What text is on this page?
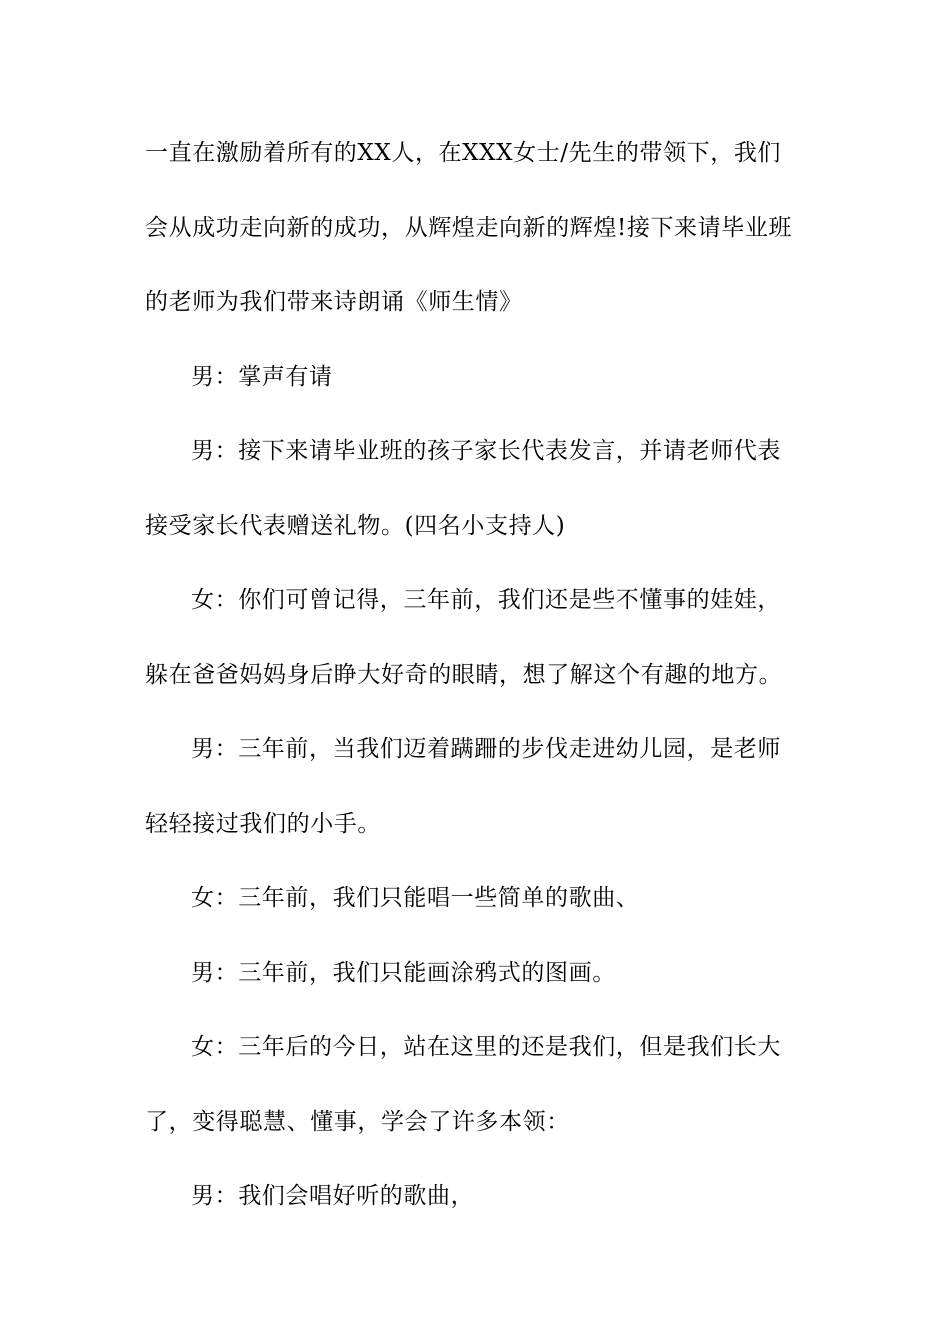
一直在激励着所有的XX人，在XXX女士/先生的带领下，我们
会从成功走向新的成功，从辉煌走向新的辉煌!接下来请毕业班
的老师为我们带来诗朗诵《师生情》
男：掌声有请
男：接下来请毕业班的孩子家长代表发言，并请老师代表
接受家长代表赠送礼物。(四名小支持人)
女：你们可曾记得，三年前，我们还是些不懂事的娃娃，
躲在爸爸妈妈身后睁大好奇的眼睛，想了解这个有趣的地方。
男：三年前，当我们迈着蹒跚的步伐走进幼儿园，是老师
轻轻接过我们的小手。
女：三年前，我们只能唱一些简单的歌曲、
男：三年前，我们只能画涂鸦式的图画。
女：三年后的今日，站在这里的还是我们，但是我们长大
了，变得聪慧、懂事，学会了许多本领：
男：我们会唱好听的歌曲，
